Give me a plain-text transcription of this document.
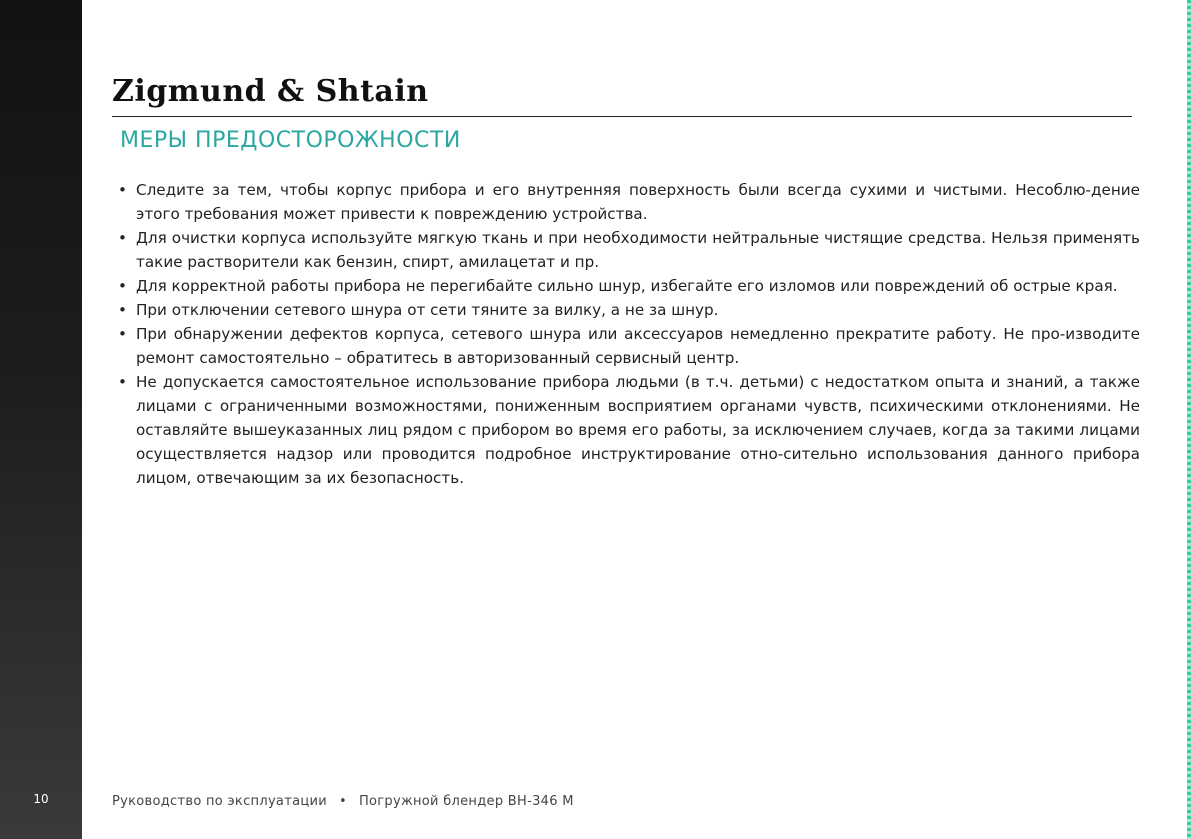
10
Zigmund & Shtain
МЕРЫ ПРЕДОСТОРОЖНОСТИ
• Следите за тем, чтобы корпус прибора и его внутренняя поверхность были всегда сухими и чистыми. Несоблю-дение этого требования может привести к повреждению устройства.
• Для очистки корпуса используйте мягкую ткань и при необходимости нейтральные чистящие средства. Нельзя применять такие растворители как бензин, спирт, амилацетат и пр.
• Для корректной работы прибора не перегибайте сильно шнур, избегайте его изломов или повреждений об острые края.
• При отключении сетевого шнура от сети тяните за вилку, а не за шнур.
• При обнаружении дефектов корпуса, сетевого шнура или аксессуаров немедленно прекратите работу. Не про-изводите ремонт самостоятельно – обратитесь в авторизованный сервисный центр.
• Не допускается самостоятельное использование прибора людьми (в т.ч. детьми) с недостатком опыта и знаний, а также лицами с ограниченными возможностями, пониженным восприятием органами чувств, психическими отклонениями. Не оставляйте вышеуказанных лиц рядом с прибором во время его работы, за исключением случаев, когда за такими лицами осуществляется надзор или проводится подробное инструктирование отно-сительно использования данного прибора лицом, отвечающим за их безопасность.
Руководство по эксплуатации • Погружной блендер BH-346 M
